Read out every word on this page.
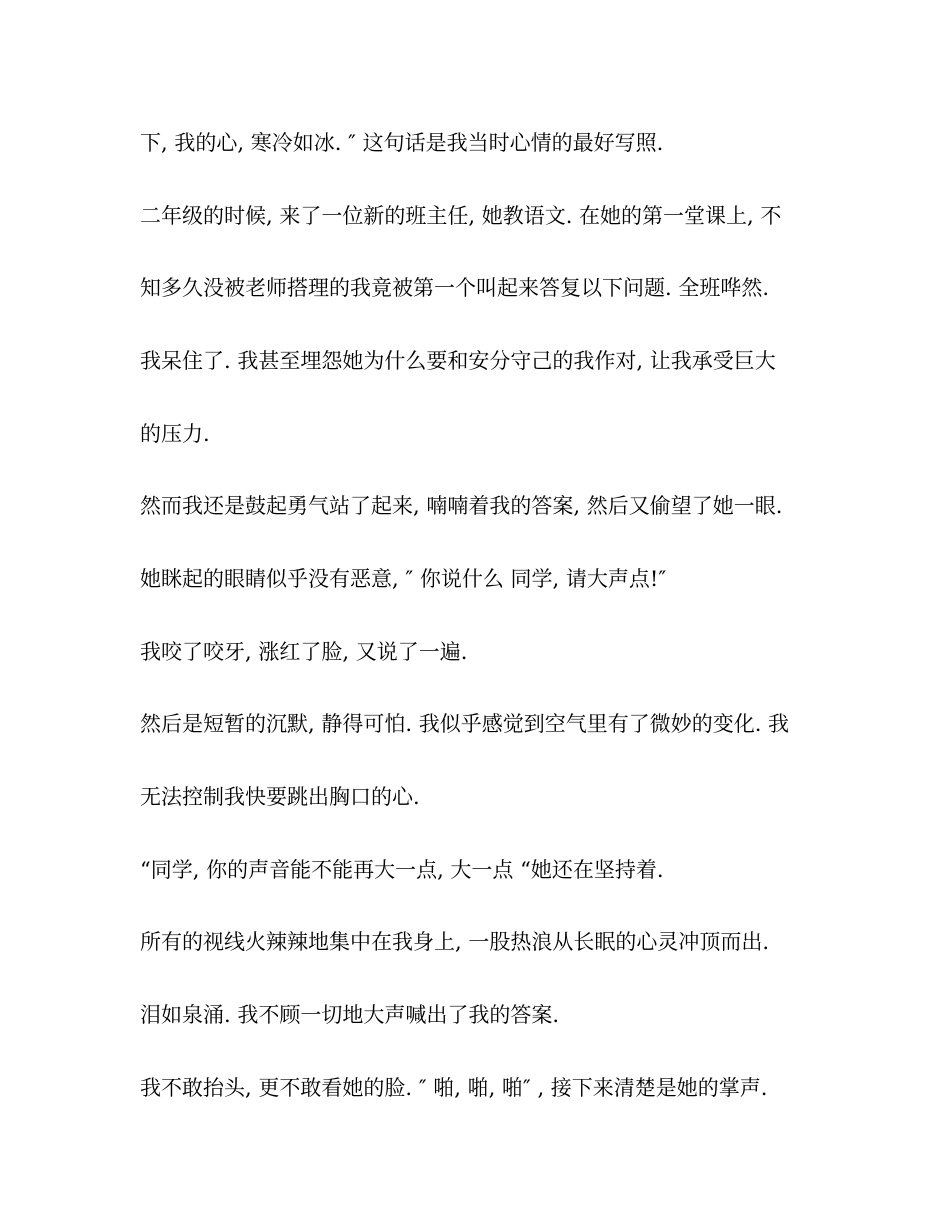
下, 我的心, 寒冷如冰. ″ 这句话是我当时心情的最好写照.
二年级的时候, 来了一位新的班主任, 她教语文. 在她的第一堂课上, 不
知多久没被老师搭理的我竟被第一个叫起来答复以下问题. 全班哗然.
我呆住了. 我甚至埋怨她为什么要和安分守己的我作对, 让我承受巨大
的压力.
然而我还是鼓起勇气站了起来, 喃喃着我的答案, 然后又偷望了她一眼.
她眯起的眼睛似乎没有恶意, ″ 你说什么 同学, 请大声点!″
我咬了咬牙, 涨红了脸, 又说了一遍.
然后是短暂的沉默, 静得可怕. 我似乎感觉到空气里有了微妙的变化. 我
无法控制我快要跳出胸口的心.
“同学, 你的声音能不能再大一点, 大一点 “她还在坚持着.
所有的视线火辣辣地集中在我身上, 一股热浪从长眠的心灵冲顶而出.
泪如泉涌. 我不顾一切地大声喊出了我的答案.
我不敢抬头, 更不敢看她的脸. ″ 啪, 啪, 啪″ , 接下来清楚是她的掌声.
